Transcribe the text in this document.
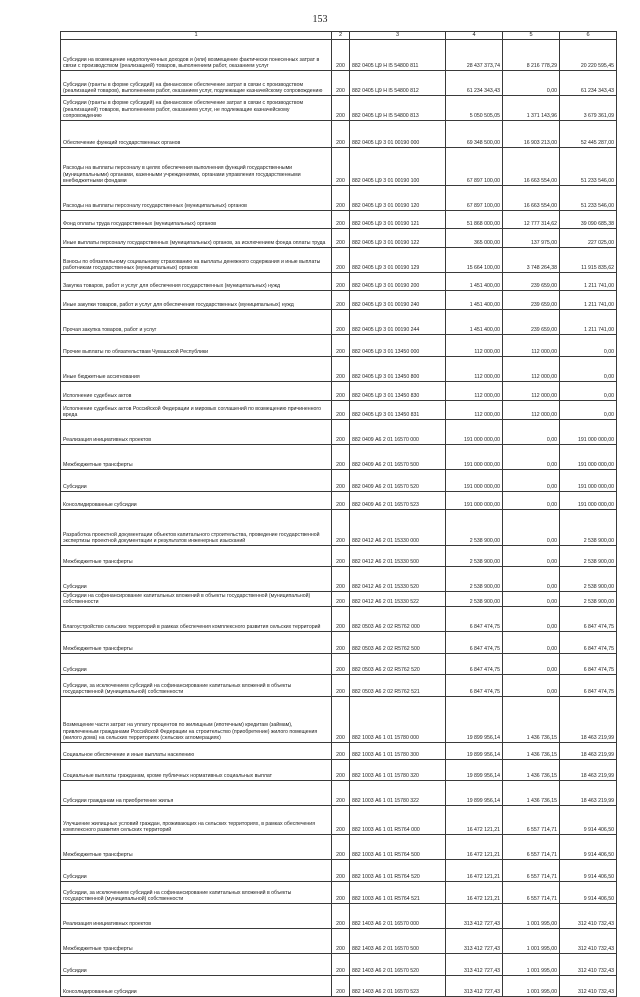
153
1	2	3	4	5	6
Субсидии на возмещение недополученных доходов и (или) возмещение фактически понесенных затрат в связи с производством (реализацией) товаров, выполнением работ, оказанием услуг	200	882 0405 Ц9 Н I5 54800 811	28 437 373,74	8 216 778,29	20 220 595,45
Субсидии (гранты в форме субсидий) на финансовое обеспечение затрат в связи с производством (реализацией товаров), выполнением работ, оказанием услуг, подлежащие казначейскому сопровождению	200	882 0405 Ц9 Н I5 54800 812	61 234 343,43	0,00	61 234 343,43
Субсидии (гранты в форме субсидий) на финансовое обеспечение затрат в связи с производством (реализацией) товаров, выполнением работ, оказанием услуг, не подлежащие казначейскому сопровождению	200	882 0405 Ц9 Н I5 54800 813	5 050 505,05	1 371 143,96	3 679 361,09
Обеспечение функций государственных органов	200	882 0405 Ц9 3 01 00190 000	69 348 500,00	16 903 213,00	52 445 287,00
Расходы на выплаты персоналу в целях обеспечения выполнения функций государственными (муниципальными) органами, казенными учреждениями, органами управления государственными внебюджетными фондами	200	882 0405 Ц9 3 01 00190 100	67 897 100,00	16 663 554,00	51 233 546,00
Расходы на выплаты персоналу государственных (муниципальных) органов	200	882 0405 Ц9 3 01 00190 120	67 897 100,00	16 663 554,00	51 233 546,00
Фонд оплаты труда государственных (муниципальных) органов	200	882 0405 Ц9 3 01 00190 121	51 868 000,00	12 777 314,62	39 090 685,38
Иные выплаты персоналу государственных (муниципальных) органов, за исключением фонда оплаты труда	200	882 0405 Ц9 3 01 00190 122	365 000,00	137 975,00	227 025,00
Взносы по обязательному социальному страхованию на выплаты денежного содержания и иные выплаты работникам государственных (муниципальных) органов	200	882 0405 Ц9 3 01 00190 129	15 664 100,00	3 748 264,38	11 915 835,62
Закупка товаров, работ и услуг для обеспечения государственных (муниципальных) нужд	200	882 0405 Ц9 3 01 00190 200	1 451 400,00	239 659,00	1 211 741,00
Иные закупки товаров, работ и услуг для обеспечения государственных (муниципальных) нужд	200	882 0405 Ц9 3 01 00190 240	1 451 400,00	239 659,00	1 211 741,00
Прочая закупка товаров, работ и услуг	200	882 0405 Ц9 3 01 00190 244	1 451 400,00	239 659,00	1 211 741,00
Прочие выплаты по обязательствам Чувашской Республики	200	882 0405 Ц9 3 01 13450 000	112 000,00	112 000,00	0,00
Иные бюджетные ассигнования	200	882 0405 Ц9 3 01 13450 800	112 000,00	112 000,00	0,00
Исполнение судебных актов	200	882 0405 Ц9 3 01 13450 830	112 000,00	112 000,00	0,00
Исполнение судебных актов Российской Федерации и мировых соглашений по возмещению причиненного вреда	200	882 0405 Ц9 3 01 13450 831	112 000,00	112 000,00	0,00
Реализация инициативных проектов	200	882 0409 А6 2 01 16570 000	191 000 000,00	0,00	191 000 000,00
Межбюджетные трансферты	200	882 0409 А6 2 01 16570 500	191 000 000,00	0,00	191 000 000,00
Субсидии	200	882 0409 А6 2 01 16570 520	191 000 000,00	0,00	191 000 000,00
Консолидированные субсидии	200	882 0409 А6 2 01 16570 523	191 000 000,00	0,00	191 000 000,00
Разработка проектной документации объектов капитального строительства, проведение государственной экспертизы проектной документации и результатов инженерных изысканий	200	882 0412 А6 2 01 15330 000	2 538 900,00	0,00	2 538 900,00
Межбюджетные трансферты	200	882 0412 А6 2 01 15330 500	2 538 900,00	0,00	2 538 900,00
Субсидии	200	882 0412 А6 2 01 15330 520	2 538 900,00	0,00	2 538 900,00
Субсидии на софинансирование капитальных вложений в объекты государственной (муниципальной) собственности	200	882 0412 А6 2 01 15330 522	2 538 900,00	0,00	2 538 900,00
Благоустройство сельских территорий в рамках обеспечения комплексного развития сельских территорий	200	882 0503 А6 2 02 R5762 000	6 847 474,75	0,00	6 847 474,75
Межбюджетные трансферты	200	882 0503 А6 2 02 R5762 500	6 847 474,75	0,00	6 847 474,75
Субсидии	200	882 0503 А6 2 02 R5762 520	6 847 474,75	0,00	6 847 474,75
Субсидии, за исключением субсидий на софинансирование капитальных вложений в объекты государственной (муниципальной) собственности	200	882 0503 А6 2 02 R5762 521	6 847 474,75	0,00	6 847 474,75
Возмещение части затрат на уплату процентов по жилищным (ипотечным) кредитам (займам), привлеченным гражданами Российской Федерации на строительство (приобретение) жилого помещения (жилого дома) на сельских территориях (сельских агломерациях)	200	882 1003 А6 1 01 15780 000	19 899 956,14	1 436 736,15	18 463 219,99
Социальное обеспечение и иные выплаты населению	200	882 1003 А6 1 01 15780 300	19 899 956,14	1 436 736,15	18 463 219,99
Социальные выплаты гражданам, кроме публичных нормативных социальных выплат	200	882 1003 А6 1 01 15780 320	19 899 956,14	1 436 736,15	18 463 219,99
Субсидии гражданам на приобретение жилья	200	882 1003 А6 1 01 15780 322	19 899 956,14	1 436 736,15	18 463 219,99
Улучшение жилищных условий граждан, проживающих на сельских территориях, в рамках обеспечения комплексного развития сельских территорий	200	882 1003 А6 1 01 R5764 000	16 472 121,21	6 557 714,71	9 914 406,50
Межбюджетные трансферты	200	882 1003 А6 1 01 R5764 500	16 472 121,21	6 557 714,71	9 914 406,50
Субсидии	200	882 1003 А6 1 01 R5764 520	16 472 121,21	6 557 714,71	9 914 406,50
Субсидии, за исключением субсидий на софинансирование капитальных вложений в объекты государственной (муниципальной) собственности	200	882 1003 А6 1 01 R5764 521	16 472 121,21	6 557 714,71	9 914 406,50
Реализация инициативных проектов	200	882 1403 А6 2 01 16570 000	313 412 727,43	1 001 995,00	312 410 732,43
Межбюджетные трансферты	200	882 1403 А6 2 01 16570 500	313 412 727,43	1 001 995,00	312 410 732,43
Субсидии	200	882 1403 А6 2 01 16570 520	313 412 727,43	1 001 995,00	312 410 732,43
Консолидированные субсидии	200	882 1403 А6 2 01 16570 523	313 412 727,43	1 001 995,00	312 410 732,43
